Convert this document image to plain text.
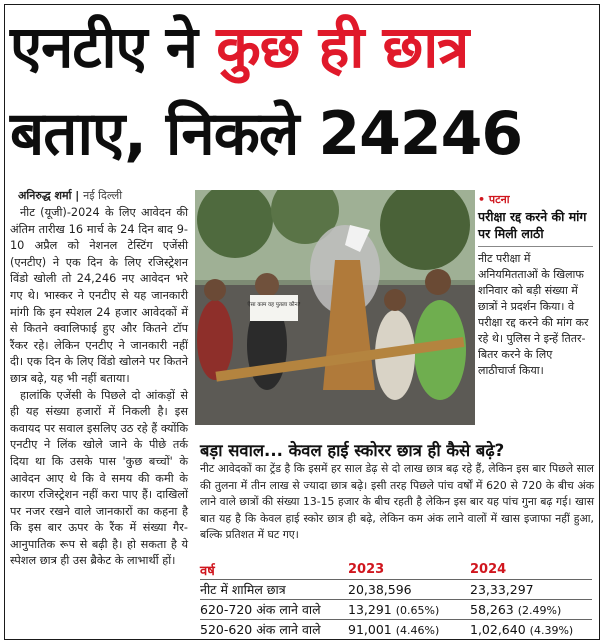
एनटीए ने कुछ ही छात्र
बताए, निकले 24246
अनिरुद्ध शर्मा | नई दिल्ली

नीट (यूजी)-2024 के लिए आवेदन की अंतिम तारीख 16 मार्च के 24 दिन बाद 9-10 अप्रैल को नेशनल टेस्टिंग एजेंसी (एनटीए) ने एक दिन के लिए रजिस्ट्रेशन विंडो खोली तो 24,246 नए आवेदन भरे गए थे। भास्कर ने एनटीए से यह जानकारी मांगी कि इन स्पेशल 24 हजार आवेदकों में से कितने क्वालिफाई हुए और कितने टॉप रैंकर रहे। लेकिन एनटीए ने जानकारी नहीं दी। एक दिन के लिए विंडो खोलने पर कितने छात्र बढ़े, यह भी नहीं बताया।

हालांकि एजेंसी के पिछले दो आंकड़ों से ही यह संख्या हजारों में निकली है। इस कवायद पर सवाल इसलिए उठ रहे हैं क्योंकि एनटीए ने लिंक खोले जाने के पीछे तर्क दिया था कि उसके पास 'कुछ बच्चों' के आवेदन आए थे कि वे समय की कमी के कारण रजिस्ट्रेशन नहीं करा पाए हैं। दाखिलों पर नजर रखने वाले जानकारों का कहना है कि इस बार ऊपर के रैंक में संख्या गैर-आनुपातिक रूप से बढ़ी है। हो सकता है ये स्पेशल छात्र ही उस ब्रैकेट के लाभार्थी हों।

ऐसा काम वह पुतला कौन?
• पटना
परीक्षा रद्द करने की मांग पर मिली लाठी

नीट परीक्षा में अनियमितताओं के खिलाफ शनिवार को बड़ी संख्या में छात्रों ने प्रदर्शन किया। वे परीक्षा रद्द करने की मांग कर रहे थे। पुलिस ने इन्हें तितर-बितर करने के लिए लाठीचार्ज किया।

बड़ा सवाल... केवल हाई स्कोरर छात्र ही कैसे बढ़े?
नीट आवेदकों का ट्रेंड है कि इसमें हर साल डेढ़ से दो लाख छात्र बढ़ रहे हैं, लेकिन इस बार पिछले साल की तुलना में तीन लाख से ज्यादा छात्र बढ़े। इसी तरह पिछले पांच वर्षों में 620 से 720 के बीच अंक लाने वाले छात्रों की संख्या 13-15 हजार के बीच रहती है लेकिन इस बार यह पांच गुना बढ़ गई। खास बात यह है कि केवल हाई स्कोर छात्र ही बढ़े, लेकिन कम अंक लाने वालों में खास इजाफा नहीं हुआ, बल्कि प्रतिशत में घट गए।
वर्ष	2023	2024
नीट में शामिल छात्र	20,38,596	23,33,297
620-720 अंक लाने वाले	13,291 (0.65%)	58,263 (2.49%)
520-620 अंक लाने वाले	91,001 (4.46%)	1,02,640 (4.39%)
